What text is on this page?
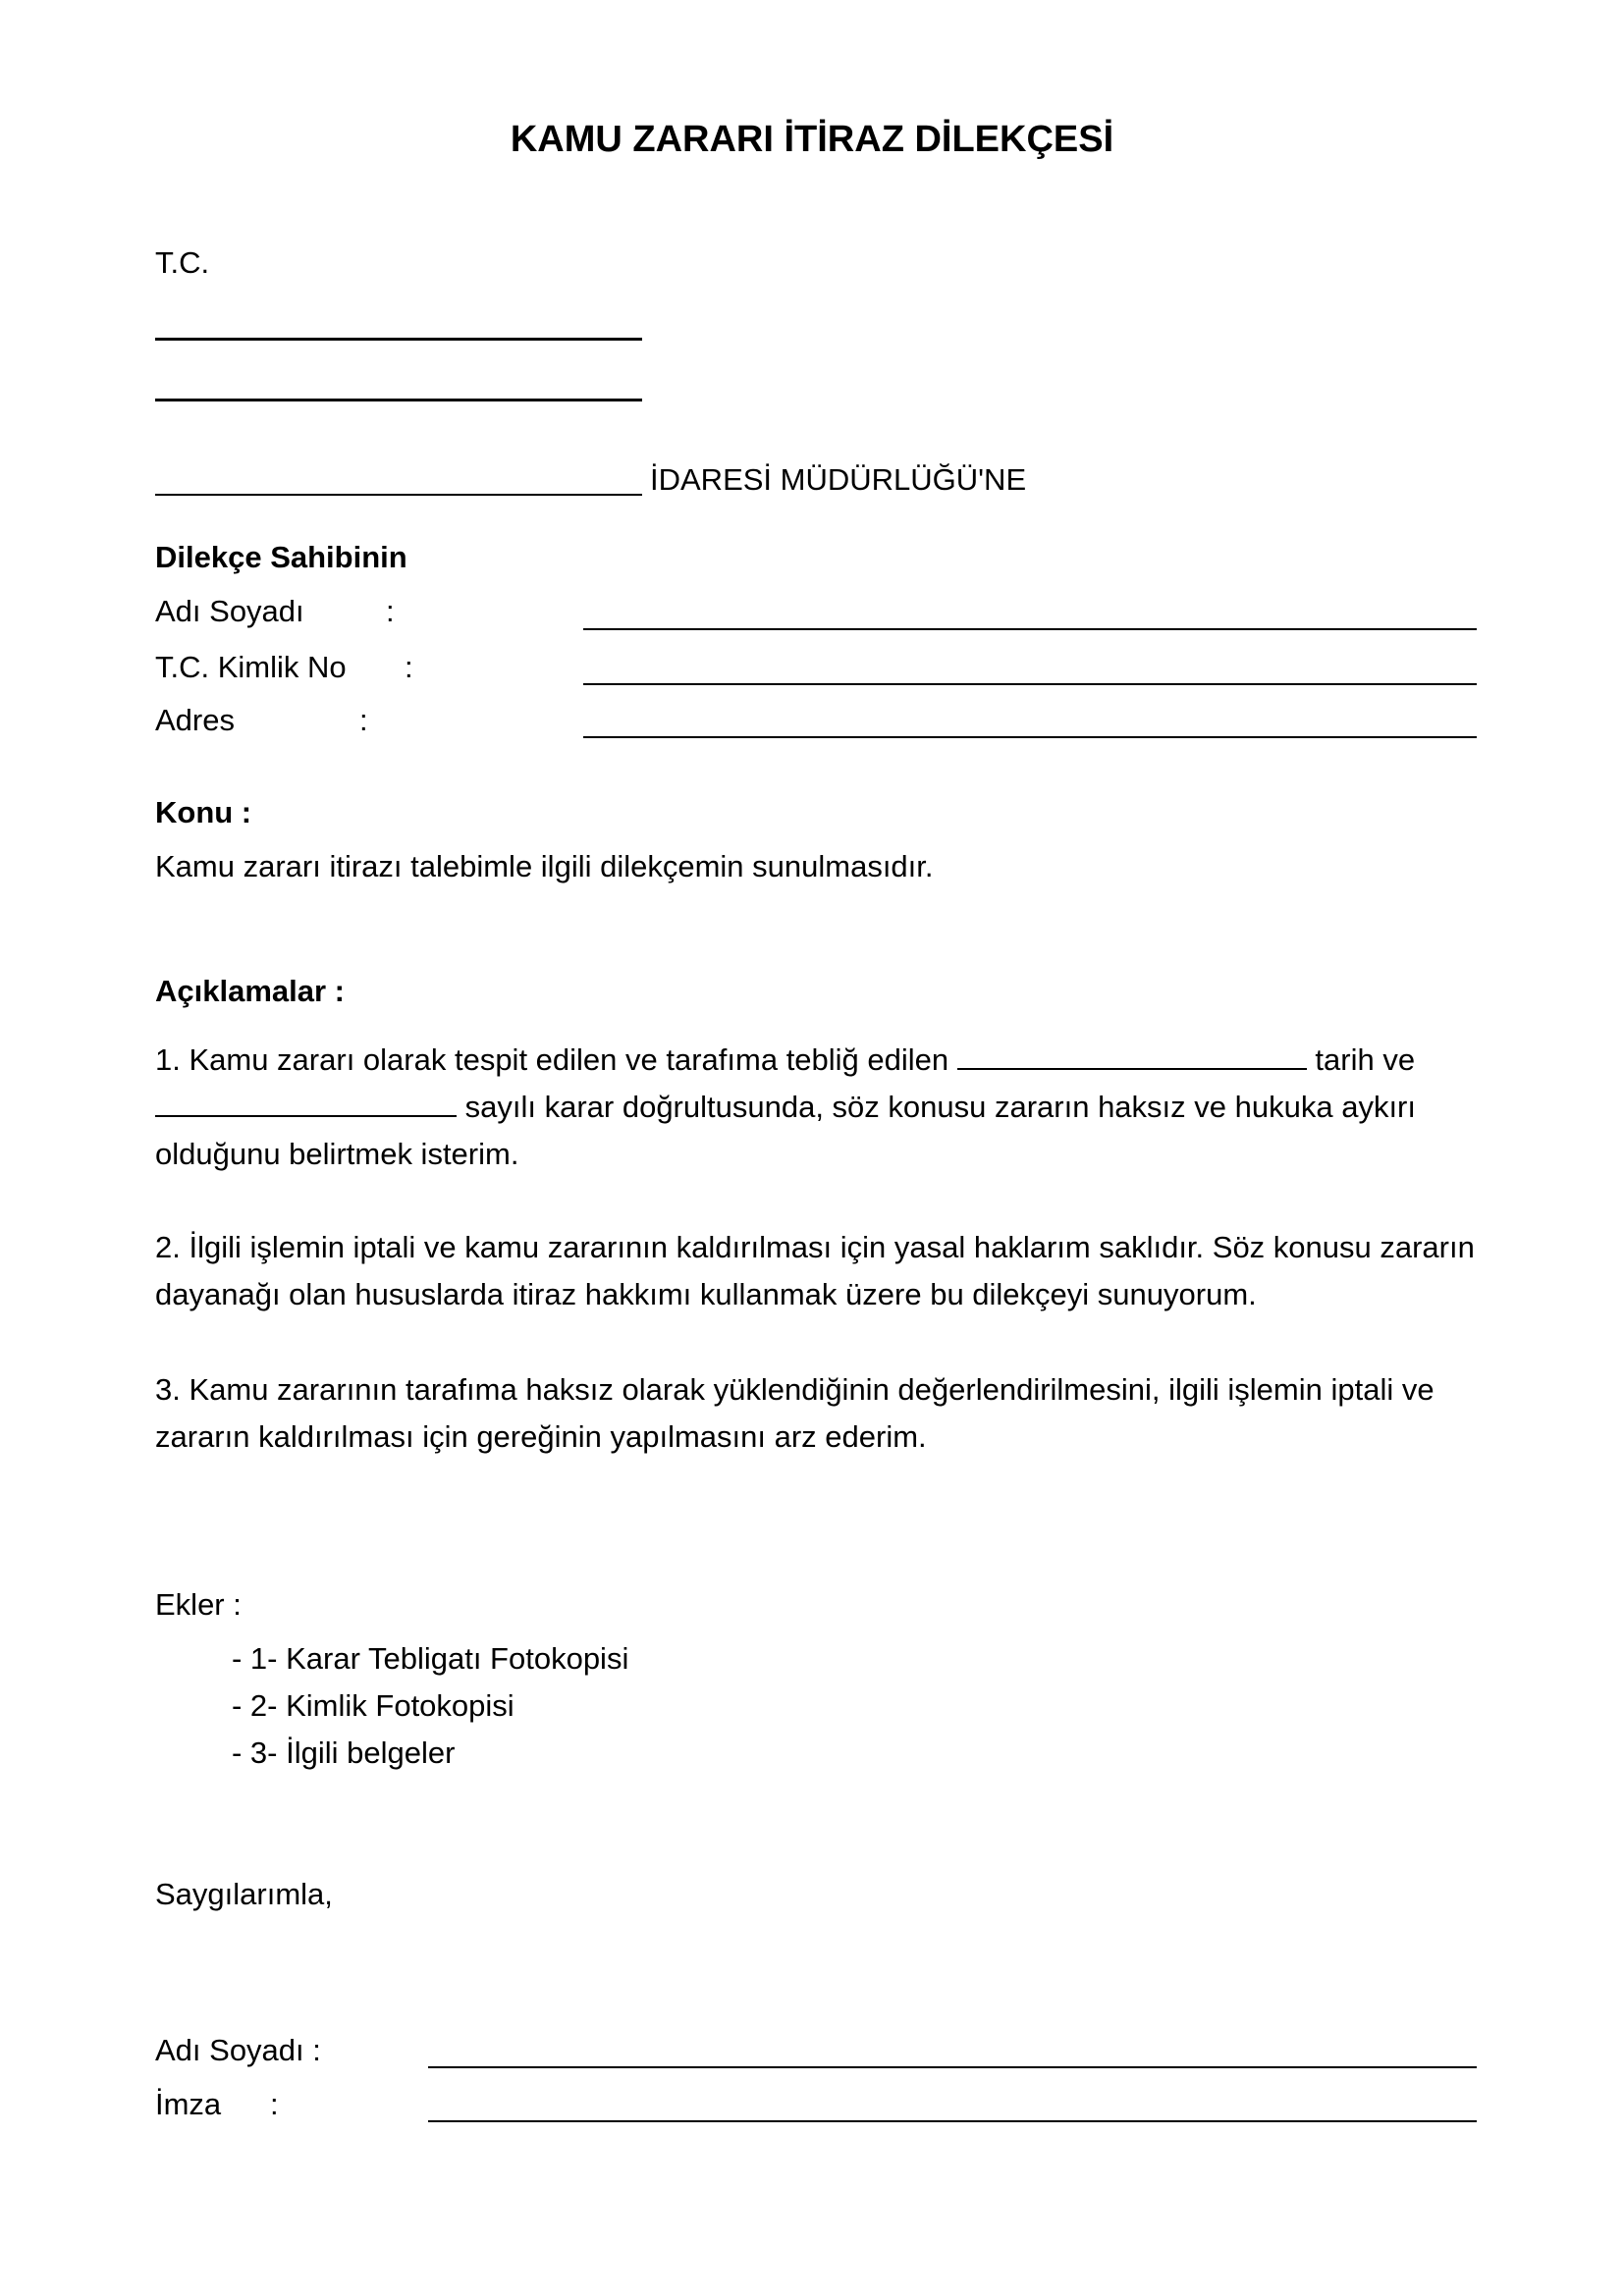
KAMU ZARARI İTİRAZ DİLEKÇESİ
T.C.
İDARESİ MÜDÜRLÜĞÜ'NE
Dilekçe Sahibinin
Adı Soyadı	:
T.C. Kimlik No :
Adres	:
Konu :
Kamu zararı itirazı talebimle ilgili dilekçemin sunulmasıdır.
Açıklamalar :
1. Kamu zararı olarak tespit edilen ve tarafıma tebliğ edilen	tarih ve  sayılı karar doğrultusunda, söz konusu zararın haksız ve hukuka aykırı olduğunu belirtmek isterim.
2. İlgili işlemin iptali ve kamu zararının kaldırılması için yasal haklarım saklıdır. Söz konusu zararın dayanağı olan hususlarda itiraz hakkımı kullanmak üzere bu dilekçeyi sunuyorum.
3. Kamu zararının tarafıma haksız olarak yüklendiğinin değerlendirilmesini, ilgili işlemin iptali ve zararın kaldırılması için gereğinin yapılmasını arz ederim.
Ekler :
- 1- Karar Tebligatı Fotokopisi
- 2- Kimlik Fotokopisi
- 3- İlgili belgeler
Saygılarımla,
Adı Soyadı :
İmza :
